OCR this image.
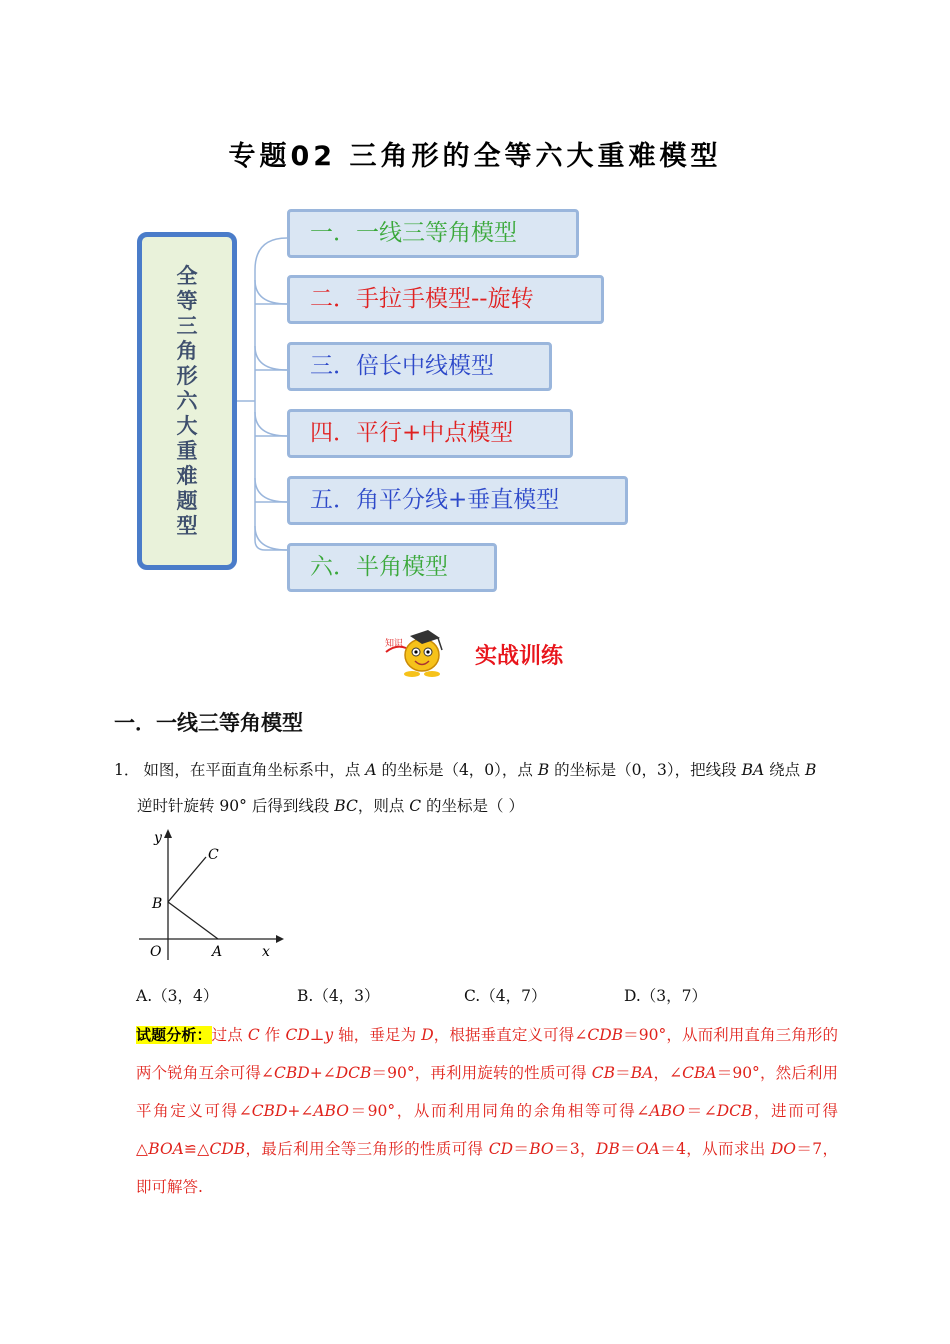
专题02 三角形的全等六大重难模型
全等三角形六大重难题型
一．一线三等角模型
二．手拉手模型--旋转
三．倍长中线模型
四．平行+中点模型
五．角平分线+垂直模型
六．半角模型
知识	实战训练
一．一线三等角模型
1． 如图，在平面直角坐标系中，点 A 的坐标是（4，0），点 B 的坐标是（0，3），把线段 BA 绕点 B
逆时针旋转 90° 后得到线段 BC，则点 C 的坐标是（ ）
y
x
O	A
B
C
A.（3，4）	B.（4，3）	C.（4，7）	D.（3，7）
试题分析：过点 C 作 CD⊥y 轴，垂足为 D，根据垂直定义可得∠CDB＝90°，从而利用直角三角形的两个锐角互余可得∠CBD+∠DCB＝90°，再利用旋转的性质可得 CB＝BA，∠CBA＝90°，然后利用平角定义可得∠CBD+∠ABO＝90°，从而利用同角的余角相等可得∠ABO＝∠DCB，进而可得△BOA≌△CDB，最后利用全等三角形的性质可得 CD＝BO＝3，DB＝OA＝4，从而求出 DO＝7，即可解答.
